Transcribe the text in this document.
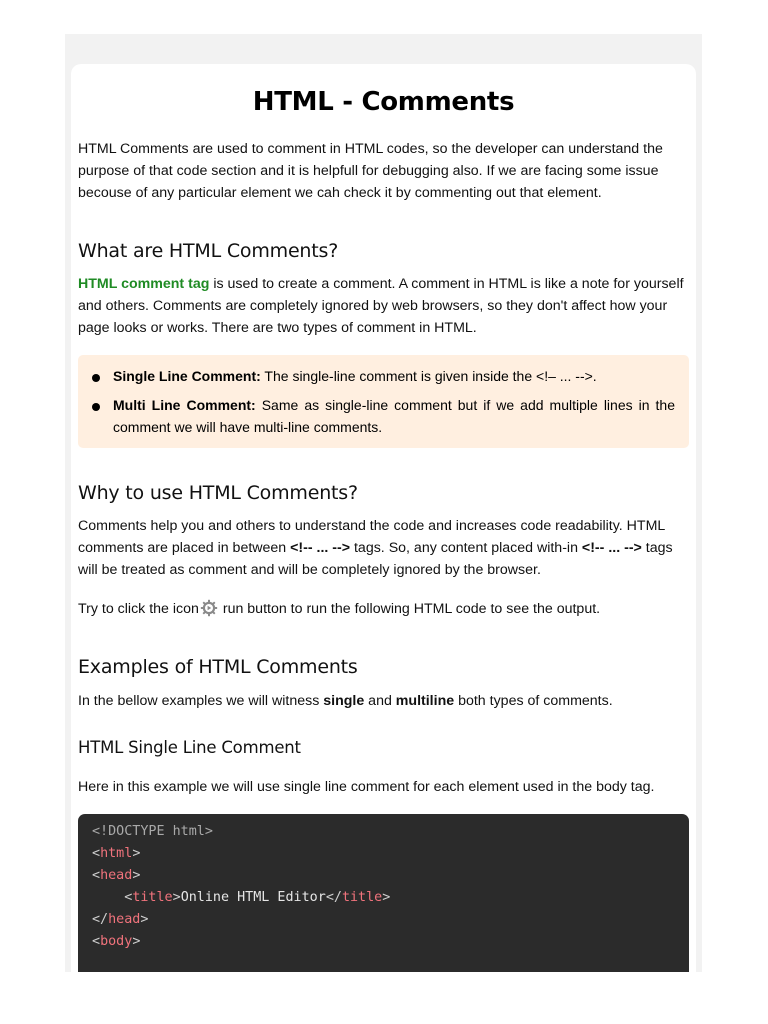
HTML - Comments

HTML Comments are used to comment in HTML codes, so the developer can understand the purpose of that code section and it is helpfull for debugging also. If we are facing some issue becouse of any particular element we cah check it by commenting out that element.

What are HTML Comments?

HTML comment tag is used to create a comment. A comment in HTML is like a note for yourself and others. Comments are completely ignored by web browsers, so they don't affect how your page looks or works. There are two types of comment in HTML.

Single Line Comment: The single-line comment is given inside the <!– ... -->.
Multi Line Comment: Same as single-line comment but if we add multiple lines in the comment we will have multi-line comments.
Why to use HTML Comments?

Comments help you and others to understand the code and increases code readability. HTML comments are placed in between <!-- ... --> tags. So, any content placed with-in <!-- ... --> tags will be treated as comment and will be completely ignored by the browser.

Try to click the icon run button to run the following HTML code to see the output.

Examples of HTML Comments

In the bellow examples we will witness single and multiline both types of comments.

HTML Single Line Comment

Here in this example we will use single line comment for each element used in the body tag.

<!DOCTYPE html>
<html>
<head>
<title>Online HTML Editor</title>
</head>
<body>
